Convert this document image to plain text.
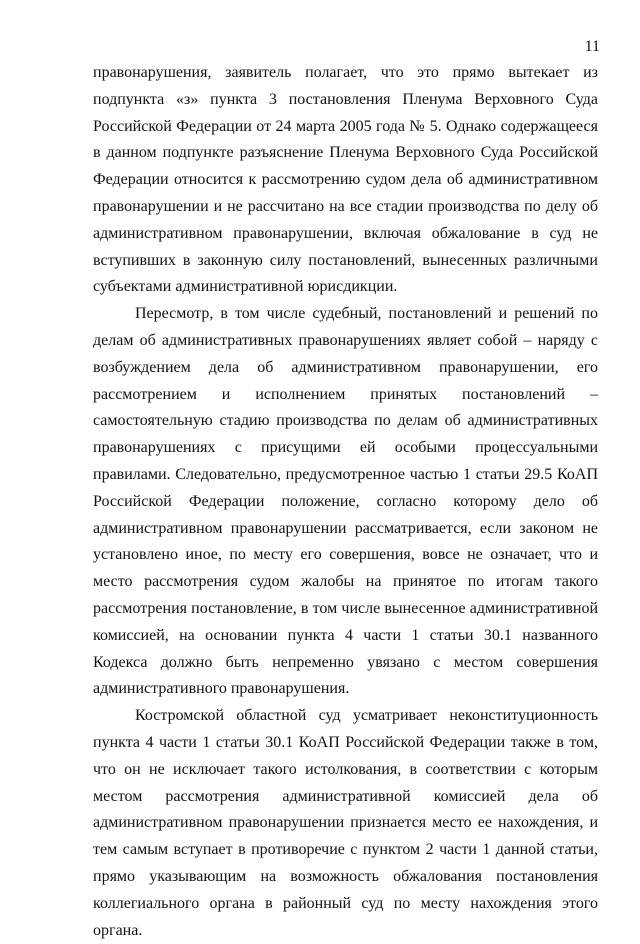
11

правонарушения, заявитель полагает, что это прямо вытекает из подпункта «з» пункта 3 постановления Пленума Верховного Суда Российской Федерации от 24 марта 2005 года № 5. Однако содержащееся в данном подпункте разъяснение Пленума Верховного Суда Российской Федерации относится к рассмотрению судом дела об административном правонарушении и не рассчитано на все стадии производства по делу об административном правонарушении, включая обжалование в суд не вступивших в законную силу постановлений, вынесенных различными субъектами административной юрисдикции.

Пересмотр, в том числе судебный, постановлений и решений по делам об административных правонарушениях являет собой – наряду с возбуждением дела об административном правонарушении, его рассмотрением и исполнением принятых постановлений – самостоятельную стадию производства по делам об административных правонарушениях с присущими ей особыми процессуальными правилами. Следовательно, предусмотренное частью 1 статьи 29.5 КоАП Российской Федерации положение, согласно которому дело об административном правонарушении рассматривается, если законом не установлено иное, по месту его совершения, вовсе не означает, что и место рассмотрения судом жалобы на принятое по итогам такого рассмотрения постановление, в том числе вынесенное административной комиссией, на основании пункта 4 части 1 статьи 30.1 названного Кодекса должно быть непременно увязано с местом совершения административного правонарушения.

Костромской областной суд усматривает неконституционность пункта 4 части 1 статьи 30.1 КоАП Российской Федерации также в том, что он не исключает такого истолкования, в соответствии с которым местом рассмотрения административной комиссией дела об административном правонарушении признается место ее нахождения, и тем самым вступает в противоречие с пунктом 2 части 1 данной статьи, прямо указывающим на возможность обжалования постановления коллегиального органа в районный суд по месту нахождения этого органа.
